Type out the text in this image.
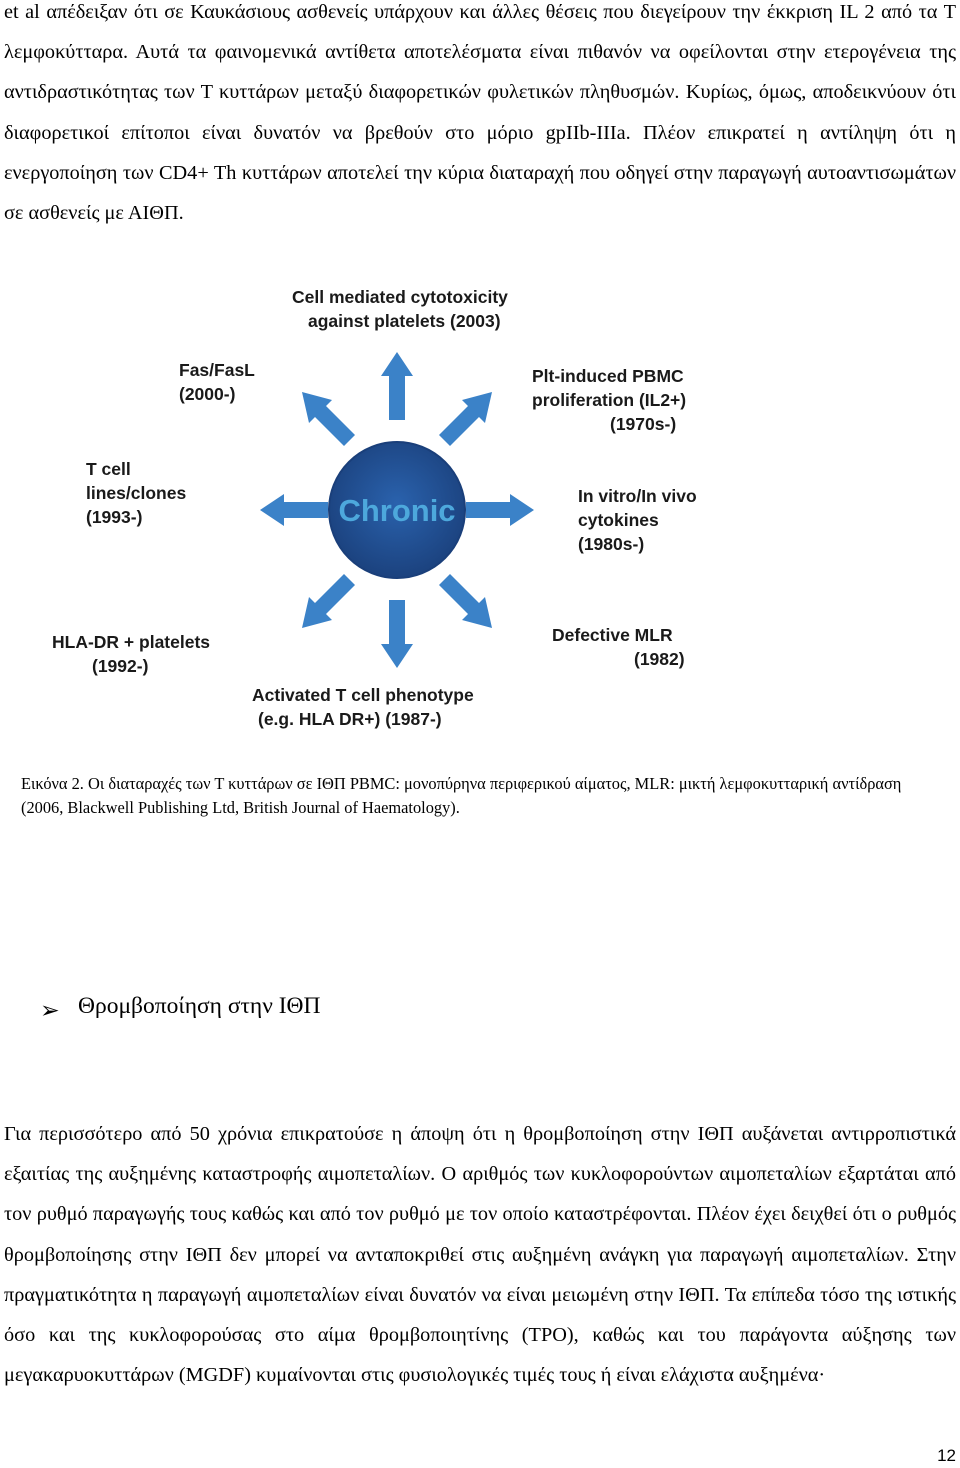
et al απέδειξαν ότι σε Καυκάσιους ασθενείς υπάρχουν και άλλες θέσεις που διεγείρουν την έκκριση IL 2 από τα Τ λεμφοκύτταρα. Αυτά τα φαινομενικά αντίθετα αποτελέσματα είναι πιθανόν να οφείλονται στην ετερογένεια της αντιδραστικότητας των Τ κυττάρων μεταξύ διαφορετικών φυλετικών πληθυσμών. Κυρίως, όμως, αποδεικνύουν ότι διαφορετικοί επίτοποι είναι δυνατόν να βρεθούν στο μόριο gpIIb-IIIa. Πλέον επικρατεί η αντίληψη ότι η ενεργοποίηση των CD4+ Th κυττάρων αποτελεί την κύρια διαταραχή που οδηγεί στην παραγωγή αυτοαντισωμάτων σε ασθενείς με ΑΙΘΠ.

Chronic
Cell mediated cytotoxicity against platelets (2003)
Fas/FasL (2000-)
Plt-induced PBMC proliferation (IL2+) (1970s-)
T cell lines/clones (1993-)
In vitro/In vivo cytokines (1980s-)
HLA-DR + platelets (1992-)
Defective MLR (1982)
Activated T cell phenotype (e.g. HLA DR+) (1987-)

Εικόνα 2. Οι διαταραχές των Τ κυττάρων σε ΙΘΠ PBMC: μονοπύρηνα περιφερικού αίματος, MLR: μικτή λεμφοκυτταρική αντίδραση (2006, Blackwell Publishing Ltd, British Journal of Haematology).

➢ Θρομβοποίηση στην ΙΘΠ

Για περισσότερο από 50 χρόνια επικρατούσε η άποψη ότι η θρομβοποίηση στην ΙΘΠ αυξάνεται αντιρροπιστικά εξαιτίας της αυξημένης καταστροφής αιμοπεταλίων. Ο αριθμός των κυκλοφορούντων αιμοπεταλίων εξαρτάται από τον ρυθμό παραγωγής τους καθώς και από τον ρυθμό με τον οποίο καταστρέφονται. Πλέον έχει δειχθεί ότι ο ρυθμός θρομβοποίησης στην ΙΘΠ δεν μπορεί να ανταποκριθεί στις αυξημένη ανάγκη για παραγωγή αιμοπεταλίων. Στην πραγματικότητα η παραγωγή αιμοπεταλίων είναι δυνατόν να είναι μειωμένη στην ΙΘΠ. Τα επίπεδα τόσο της ιστικής όσο και της κυκλοφορούσας στο αίμα θρομβοποιητίνης (TPO), καθώς και του παράγοντα αύξησης των μεγακαρυοκυττάρων (MGDF) κυμαίνονται στις φυσιολογικές τιμές τους ή είναι ελάχιστα αυξημένα·

12
